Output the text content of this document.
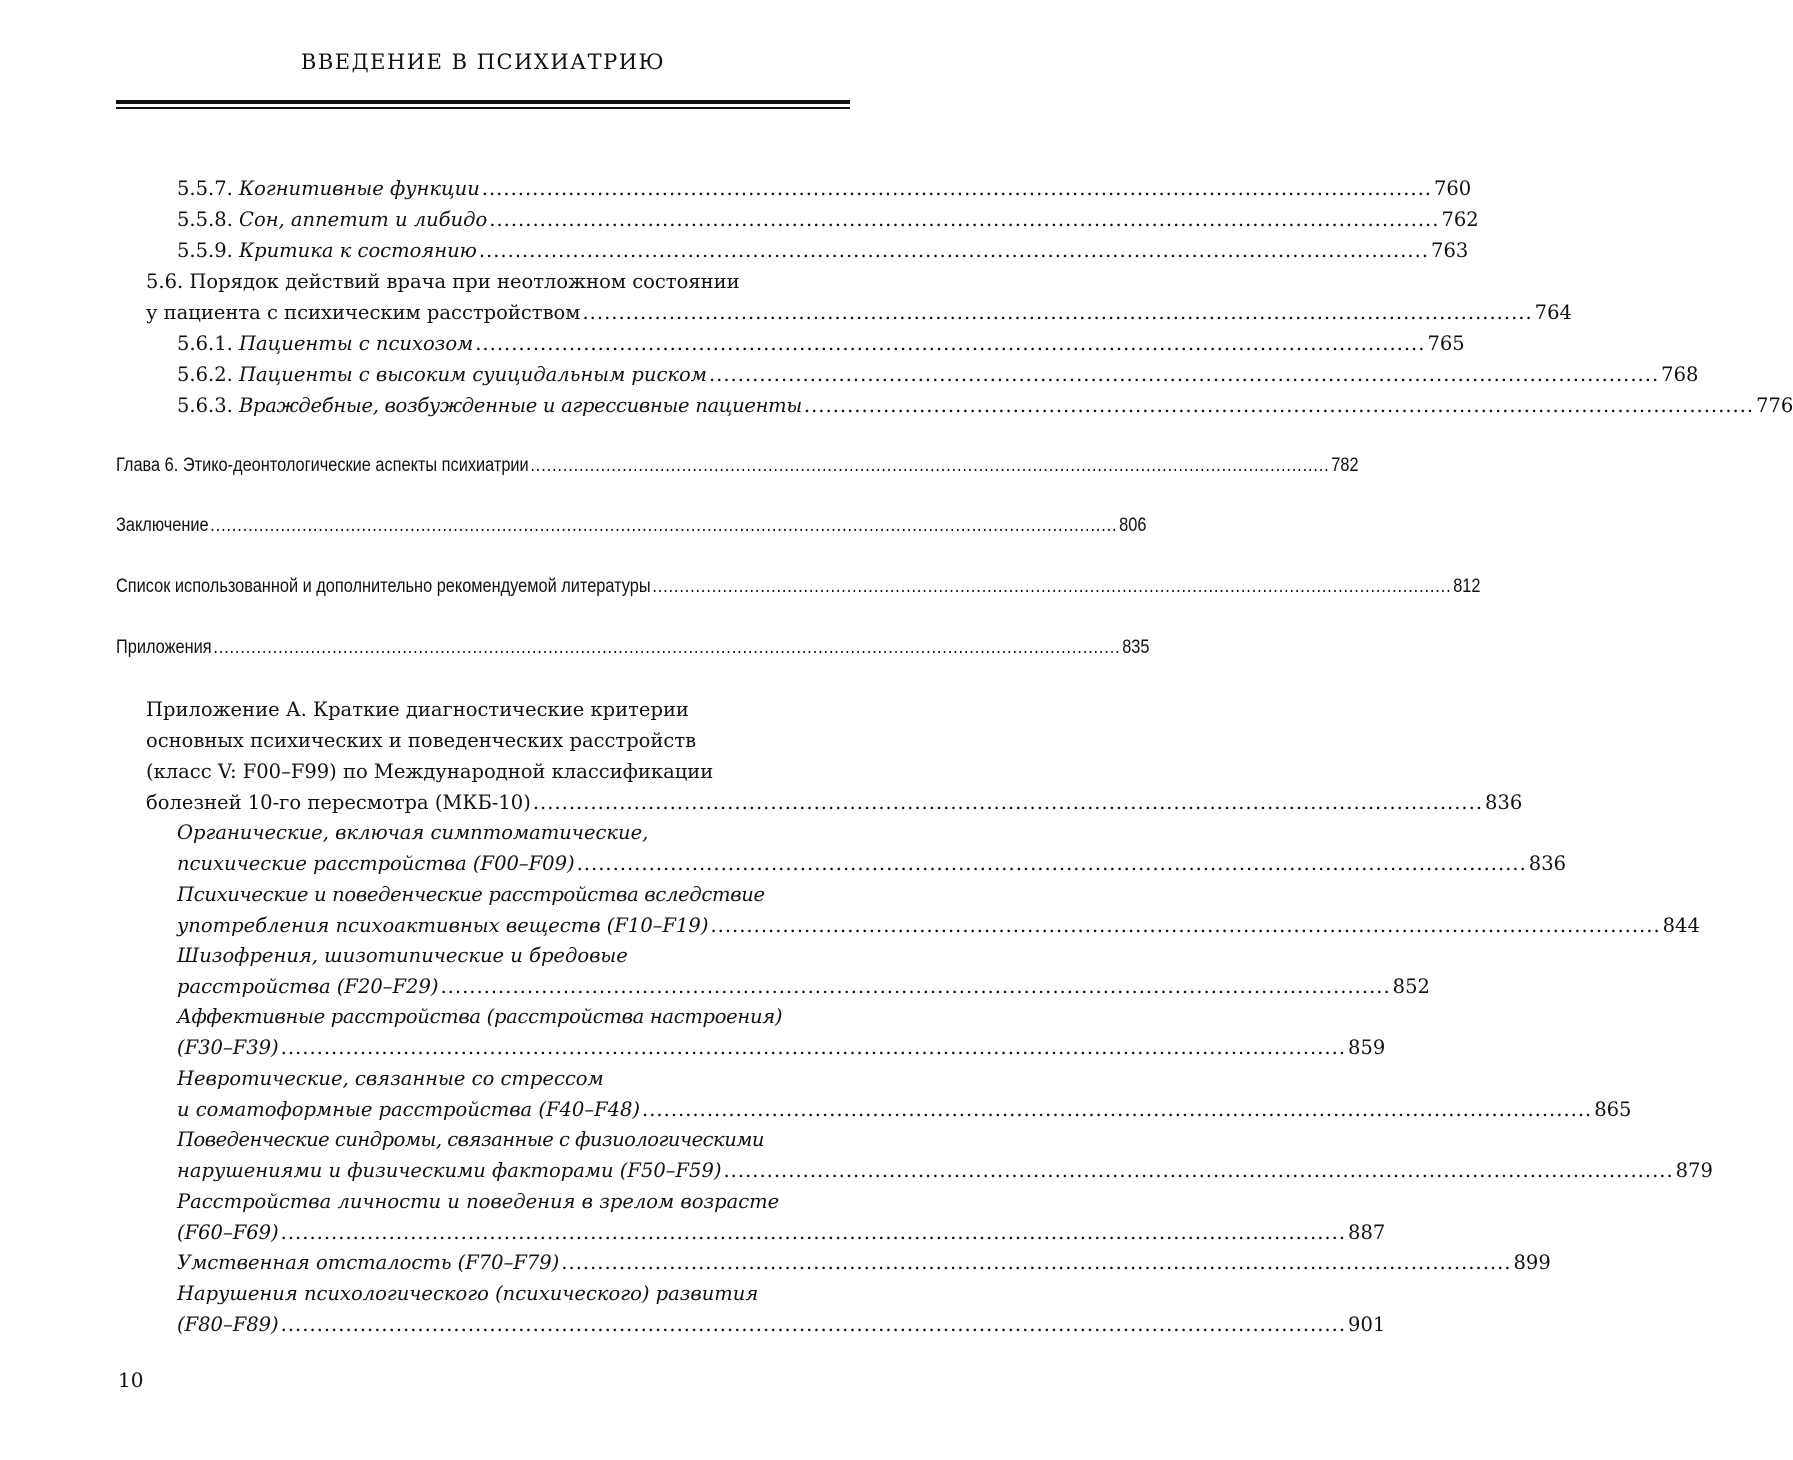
ВВЕДЕНИЕ В ПСИХИАТРИЮ
5.5.7.
Когнитивные функции .................................................................................................................................... 760
5.5.8.
Сон, аппетит и либидо .................................................................................................................................... 762
5.5.9.
Критика к состоянию .................................................................................................................................... 763
5.6. Порядок действий врача при неотложном состоянии
у пациента с психическим расстройством .................................................................................................................................... 764
5.6.1.
Пациенты с психозом .................................................................................................................................... 765
5.6.2.
Пациенты с высоким суицидальным риском .................................................................................................................................... 768
5.6.3.
Враждебные, возбужденные и агрессивные пациенты .................................................................................................................................... 776
Глава 6. Этико-деонтологические аспекты психиатрии .................................................................................................................................................... 782
Заключение ........................................................................................................................................................................ 806
Список использованной и дополнительно рекомендуемой литературы .................................................................................................................................................... 812
Приложения ........................................................................................................................................................................ 835
Приложение А. Краткие диагностические критерии
основных психических и поведенческих расстройств
(класс V: F00–F99) по Международной классификации
болезней 10-го пересмотра (МКБ-10) .................................................................................................................................... 836
Органические, включая симптоматические,
психические расстройства (F00–F09) .................................................................................................................................... 836
Психические и поведенческие расстройства вследствие
употребления психоактивных веществ (F10–F19) .................................................................................................................................... 844
Шизофрения, шизотипические и бредовые
расстройства (F20–F29) .................................................................................................................................... 852
Аффективные расстройства (расстройства настроения)
(F30–F39) .................................................................................................................................................... 859
Невротические, связанные со стрессом
и соматоформные расстройства (F40–F48) .................................................................................................................................... 865
Поведенческие синдромы, связанные с физиологическими
нарушениями и физическими факторами (F50–F59) .................................................................................................................................... 879
Расстройства личности и поведения в зрелом возрасте
(F60–F69) .................................................................................................................................................... 887
Умственная отсталость (F70–F79) .................................................................................................................................... 899
Нарушения психологического (психического) развития
(F80–F89) .................................................................................................................................................... 901
10
